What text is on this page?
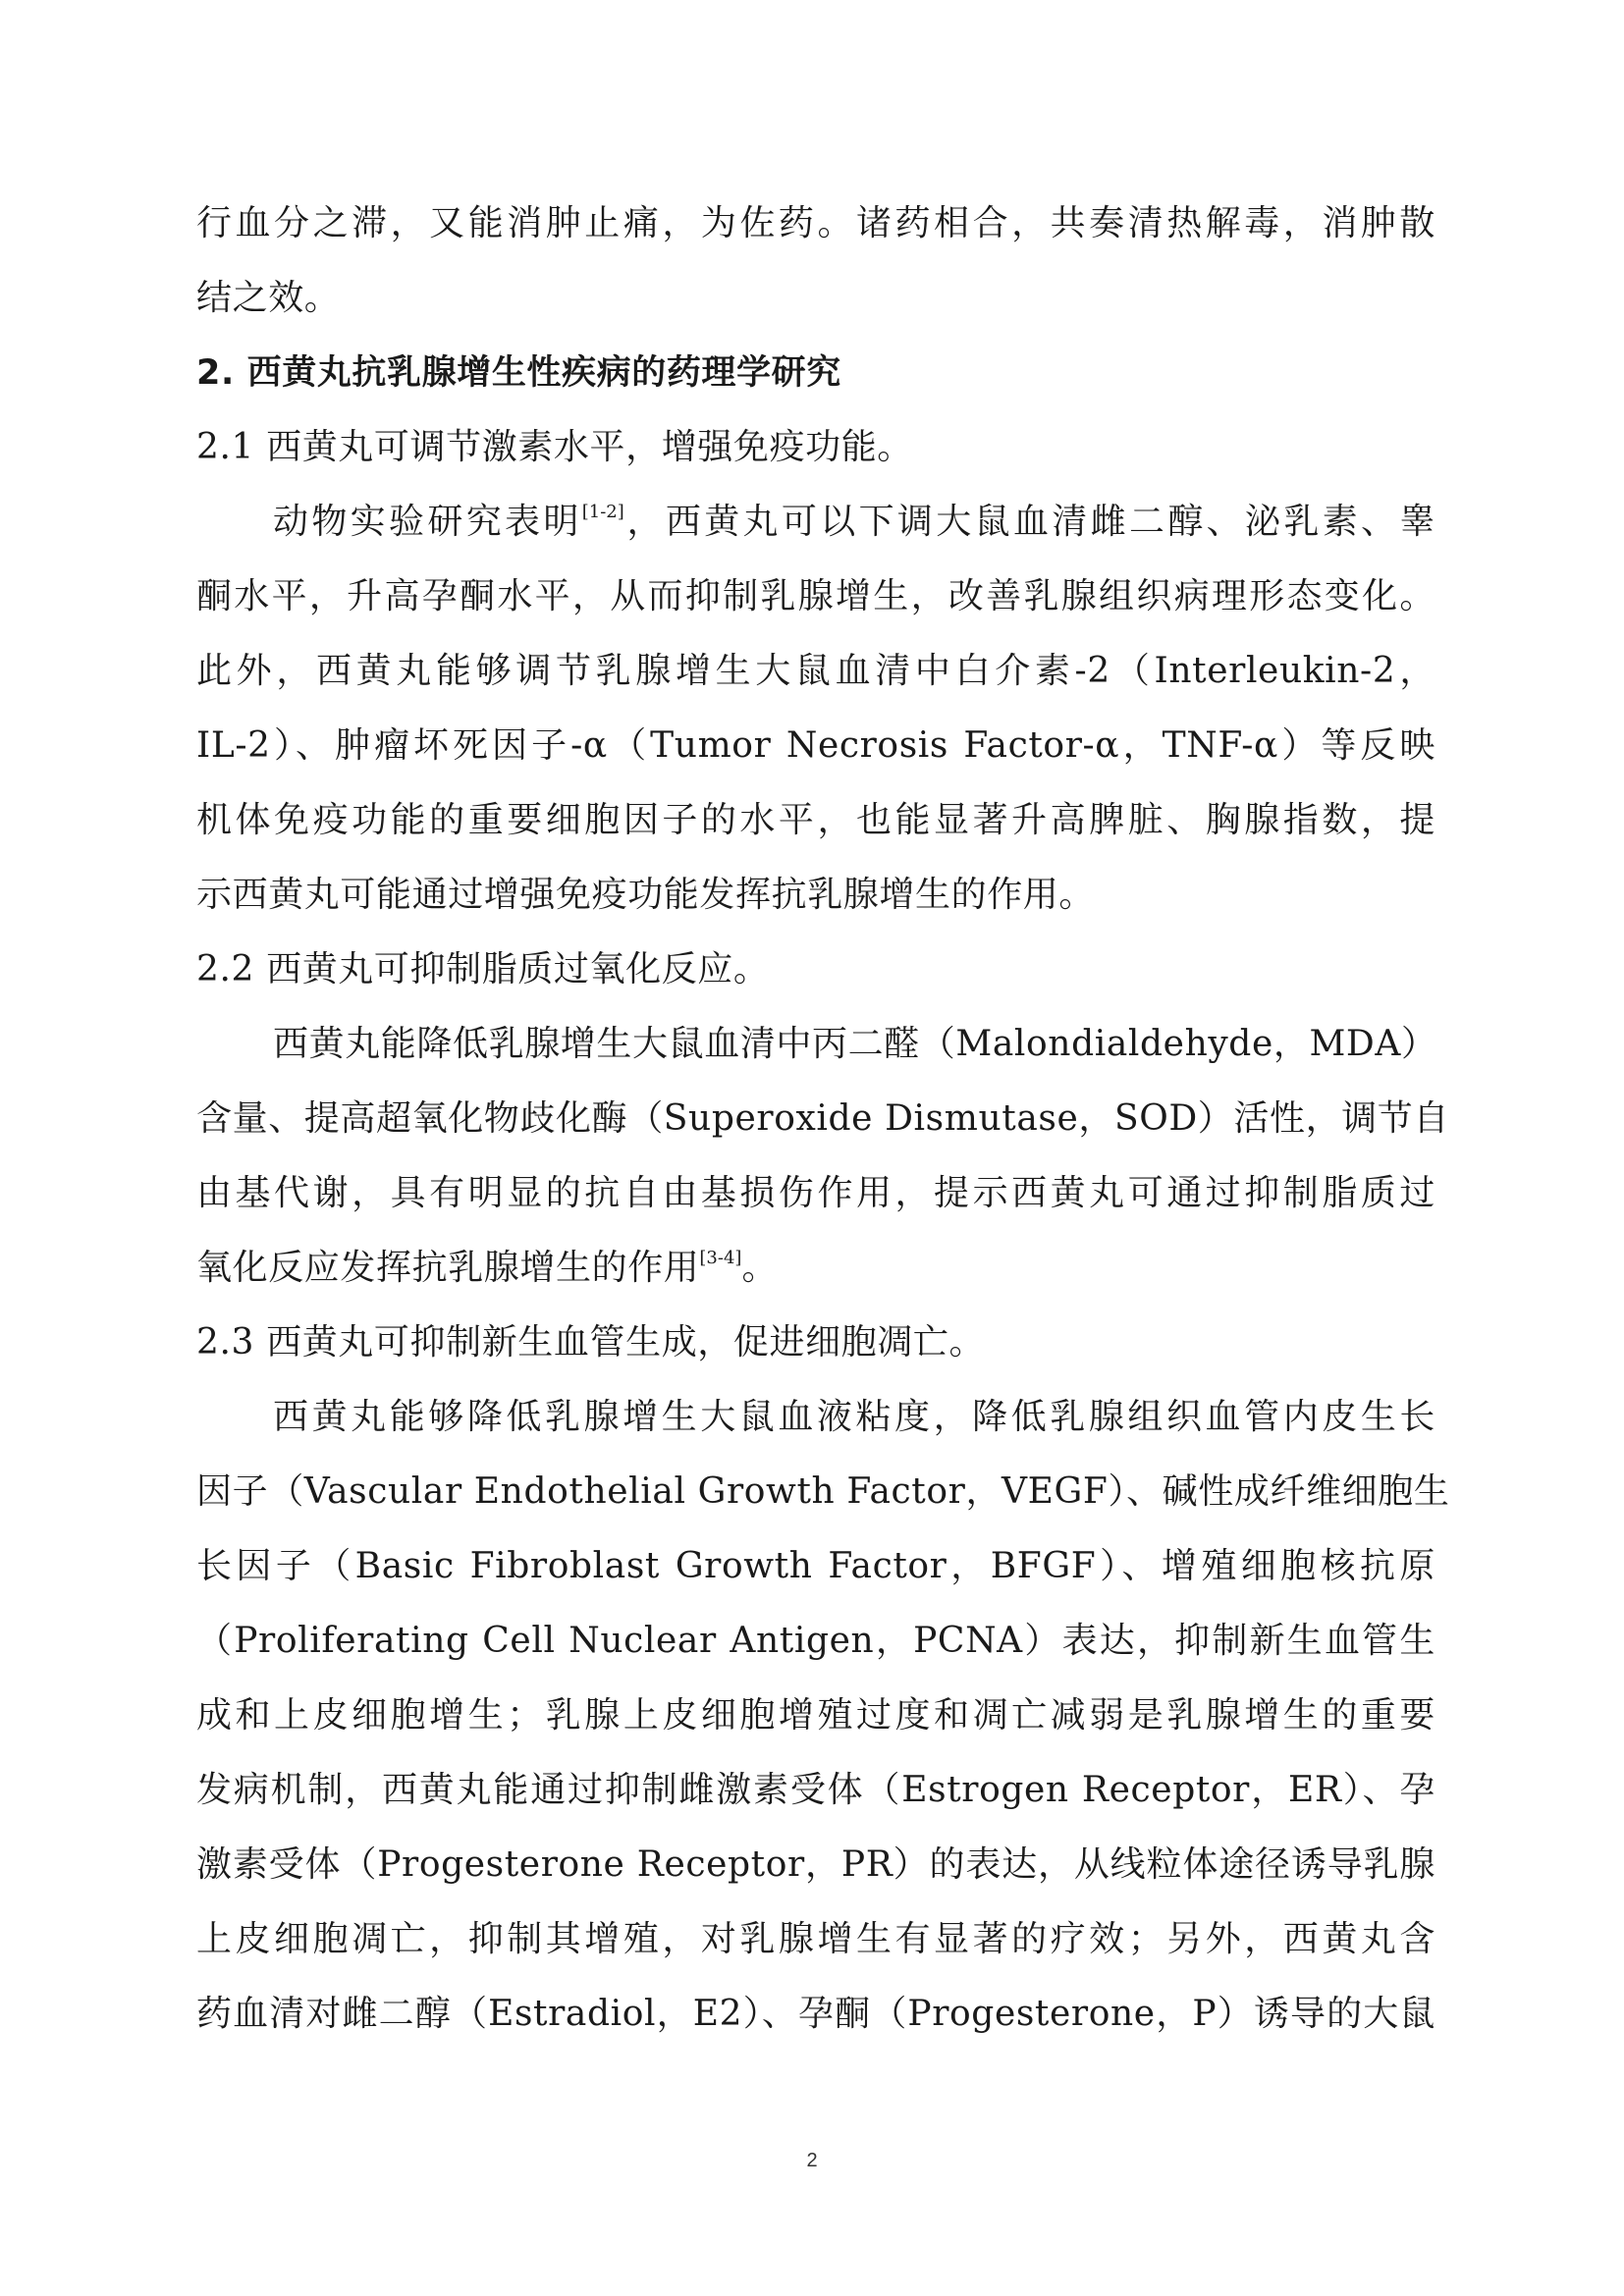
行血分之滞，又能消肿止痛，为佐药。诸药相合，共奏清热解毒，消肿散
结之效。
2. 西黄丸抗乳腺增生性疾病的药理学研究
2.1 西黄丸可调节激素水平，增强免疫功能。
动物实验研究表明[1-2]，西黄丸可以下调大鼠血清雌二醇、泌乳素、睾
酮水平，升高孕酮水平，从而抑制乳腺增生，改善乳腺组织病理形态变化。
此外，西黄丸能够调节乳腺增生大鼠血清中白介素-2（Interleukin-2，
IL-2）、肿瘤坏死因子-α（Tumor Necrosis Factor-α，TNF-α）等反映
机体免疫功能的重要细胞因子的水平，也能显著升高脾脏、胸腺指数，提
示西黄丸可能通过增强免疫功能发挥抗乳腺增生的作用。
2.2 西黄丸可抑制脂质过氧化反应。
西黄丸能降低乳腺增生大鼠血清中丙二醛（Malondialdehyde，MDA）
含量、提高超氧化物歧化酶（Superoxide Dismutase，SOD）活性，调节自
由基代谢，具有明显的抗自由基损伤作用，提示西黄丸可通过抑制脂质过
氧化反应发挥抗乳腺增生的作用[3-4]。
2.3 西黄丸可抑制新生血管生成，促进细胞凋亡。
西黄丸能够降低乳腺增生大鼠血液粘度，降低乳腺组织血管内皮生长
因子（Vascular Endothelial Growth Factor，VEGF）、碱性成纤维细胞生
长因子（Basic Fibroblast Growth Factor，BFGF）、增殖细胞核抗原
（Proliferating Cell Nuclear Antigen，PCNA）表达，抑制新生血管生
成和上皮细胞增生；乳腺上皮细胞增殖过度和凋亡减弱是乳腺增生的重要
发病机制，西黄丸能通过抑制雌激素受体（Estrogen Receptor，ER）、孕
激素受体（Progesterone Receptor，PR）的表达，从线粒体途径诱导乳腺
上皮细胞凋亡，抑制其增殖，对乳腺增生有显著的疗效；另外，西黄丸含
药血清对雌二醇（Estradiol，E2）、孕酮（Progesterone，P）诱导的大鼠
2
